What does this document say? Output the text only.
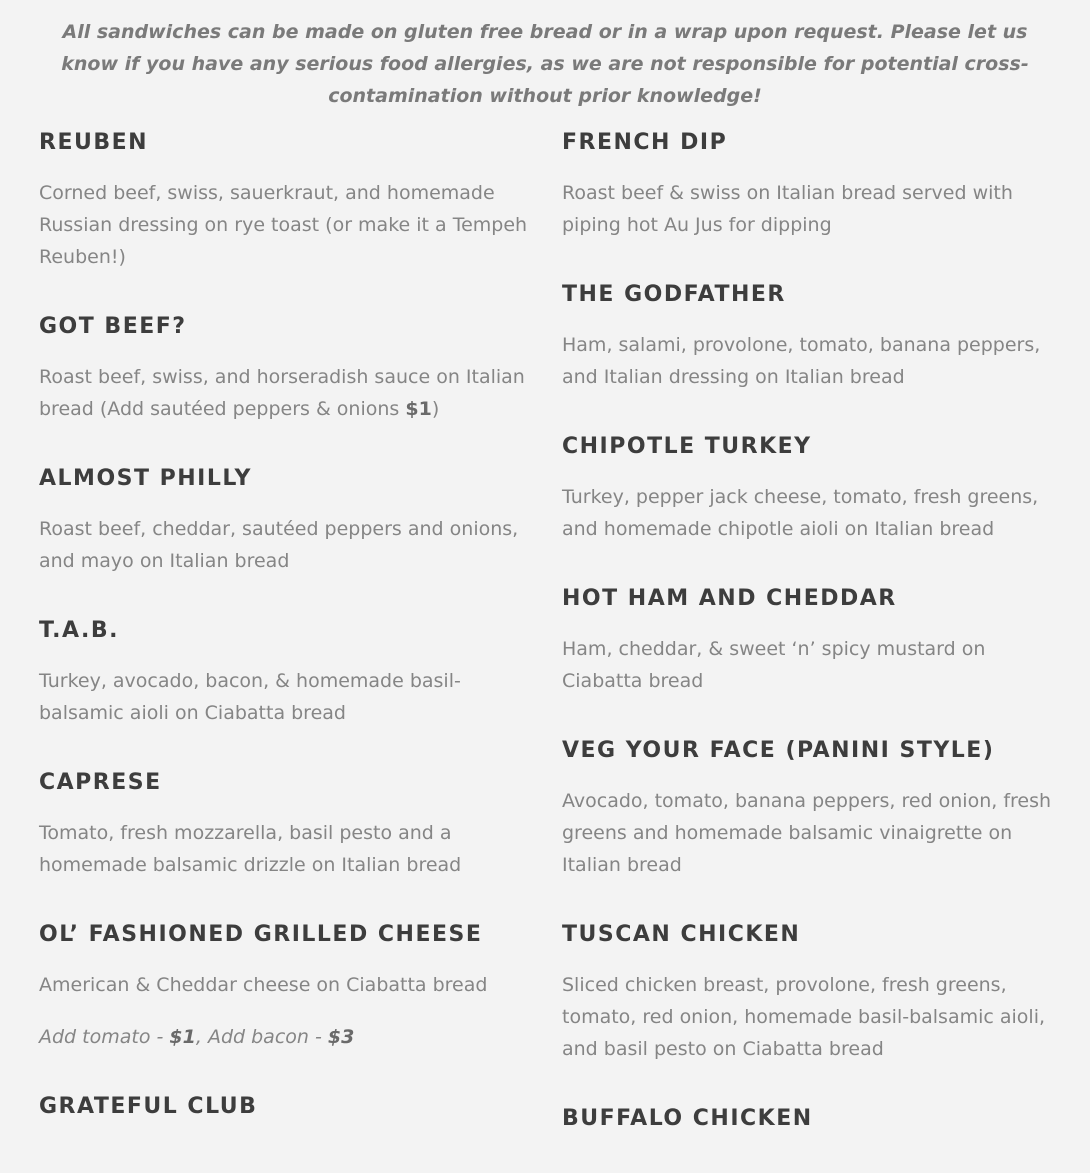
All sandwiches can be made on gluten free bread or in a wrap upon request. Please let us know if you have any serious food allergies, as we are not responsible for potential cross-contamination without prior knowledge!

REUBEN

Corned beef, swiss, sauerkraut, and homemade Russian dressing on rye toast (or make it a Tempeh Reuben!)

GOT BEEF?

Roast beef, swiss, and horseradish sauce on Italian bread (Add sautéed peppers & onions $1)

ALMOST PHILLY

Roast beef, cheddar, sautéed peppers and onions, and mayo on Italian bread

T.A.B.

Turkey, avocado, bacon, & homemade basil-balsamic aioli on Ciabatta bread

CAPRESE

Tomato, fresh mozzarella, basil pesto and a homemade balsamic drizzle on Italian bread

OL’ FASHIONED GRILLED CHEESE

American & Cheddar cheese on Ciabatta bread

Add tomato - $1, Add bacon - $3

GRATEFUL CLUB
FRENCH DIP

Roast beef & swiss on Italian bread served with piping hot Au Jus for dipping

THE GODFATHER

Ham, salami, provolone, tomato, banana peppers, and Italian dressing on Italian bread

CHIPOTLE TURKEY

Turkey, pepper jack cheese, tomato, fresh greens, and homemade chipotle aioli on Italian bread

HOT HAM AND CHEDDAR

Ham, cheddar, & sweet ‘n’ spicy mustard on Ciabatta bread

VEG YOUR FACE (PANINI STYLE)

Avocado, tomato, banana peppers, red onion, fresh greens and homemade balsamic vinaigrette on Italian bread

TUSCAN CHICKEN

Sliced chicken breast, provolone, fresh greens, tomato, red onion, homemade basil-balsamic aioli, and basil pesto on Ciabatta bread

BUFFALO CHICKEN
